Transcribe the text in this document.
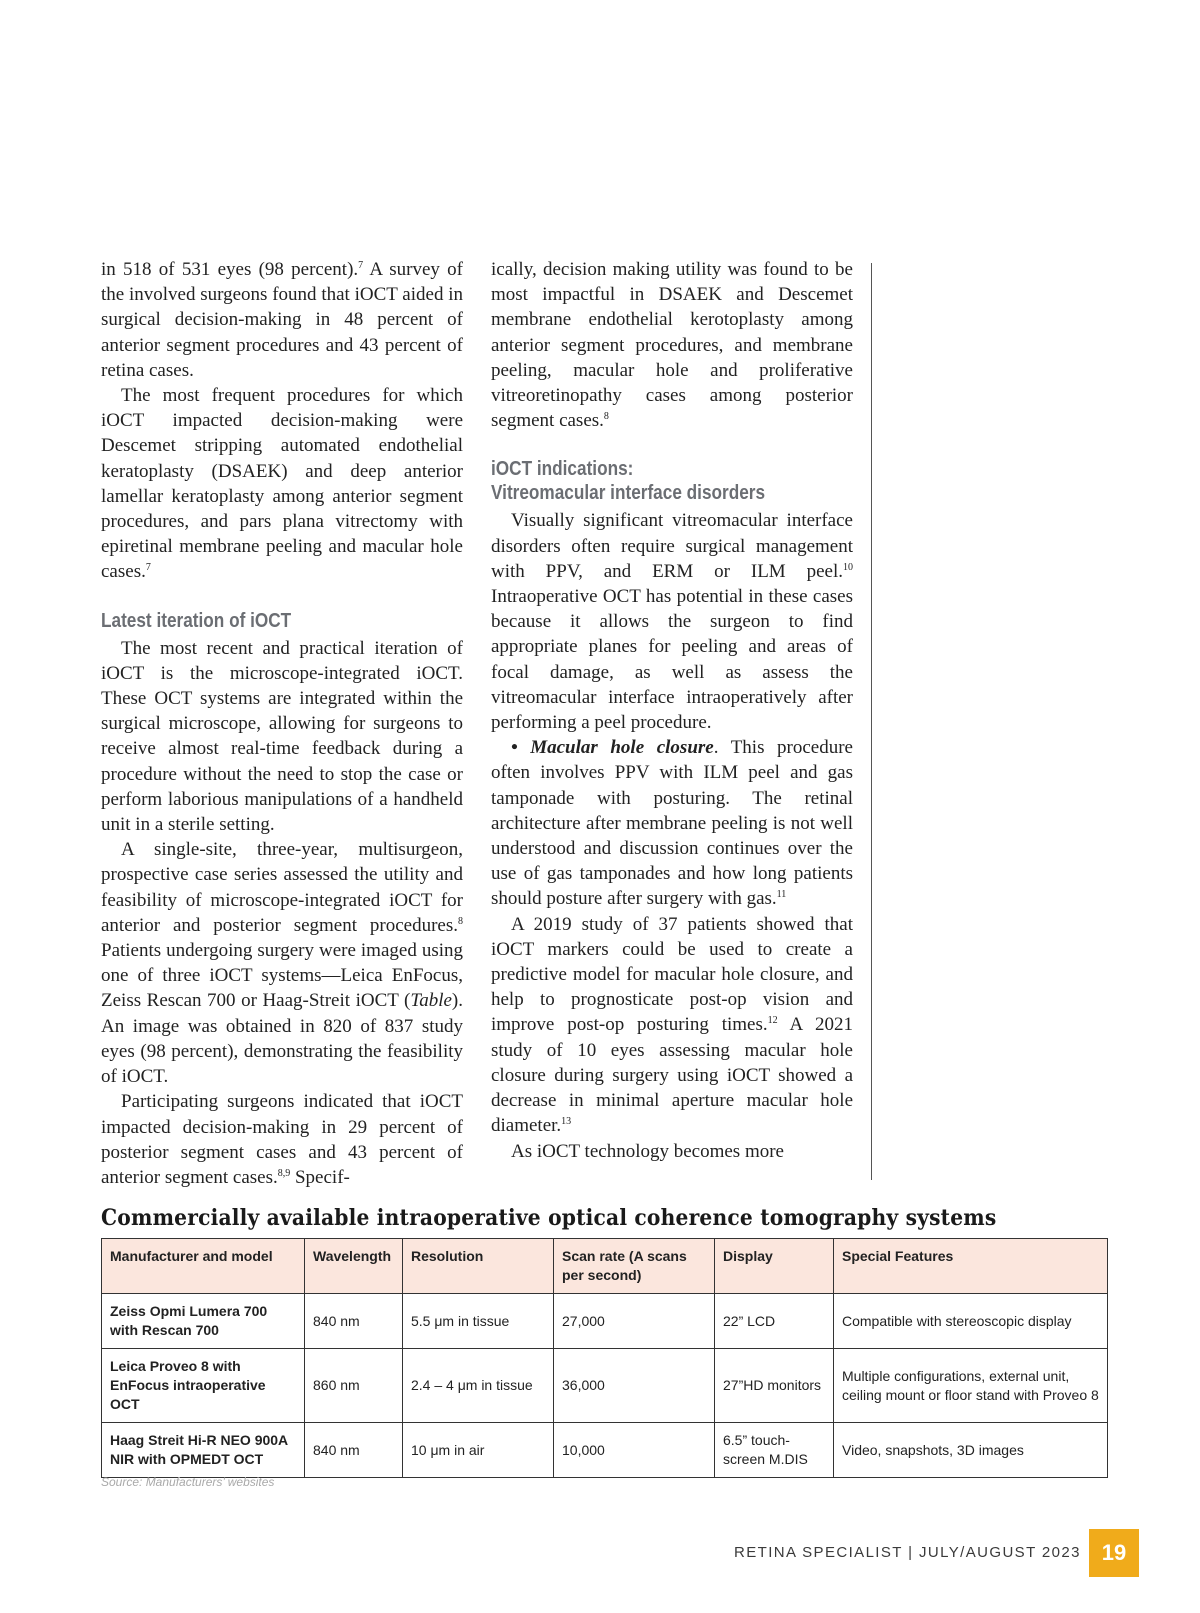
in 518 of 531 eyes (98 percent).$^7$ A survey of the involved surgeons found that iOCT aided in surgical decision-making in 48 percent of anterior segment procedures and 43 percent of retina cases.

The most frequent procedures for which iOCT impacted decision-making were Descemet stripping automated endothelial keratoplasty (DSAEK) and deep anterior lamellar keratoplasty among anterior segment procedures, and pars plana vitrectomy with epiretinal membrane peeling and macular hole cases.$^7$

Latest iteration of iOCT

The most recent and practical iteration of iOCT is the microscope-integrated iOCT. These OCT systems are integrated within the surgical microscope, allowing for surgeons to receive almost real-time feedback during a procedure without the need to stop the case or perform laborious manipulations of a handheld unit in a sterile setting.

A single-site, three-year, multisurgeon, prospective case series assessed the utility and feasibility of microscope-integrated iOCT for anterior and posterior segment procedures.$^8$ Patients undergoing surgery were imaged using one of three iOCT systems—Leica EnFocus, Zeiss Rescan 700 or Haag-Streit iOCT (Table). An image was obtained in 820 of 837 study eyes (98 percent), demonstrating the feasibility of iOCT.

Participating surgeons indicated that iOCT impacted decision-making in 29 percent of posterior segment cases and 43 percent of anterior segment cases.$^{8,9}$ Specif-

ically, decision making utility was found to be most impactful in DSAEK and Descemet membrane endothelial kerotoplasty among anterior segment procedures, and membrane peeling, macular hole and proliferative vitreoretinopathy cases among posterior segment cases.$^8$

iOCT indications:
Vitreomacular interface disorders

Visually significant vitreomacular interface disorders often require surgical management with PPV, and ERM or ILM peel.$^{10}$ Intraoperative OCT has potential in these cases because it allows the surgeon to find appropriate planes for peeling and areas of focal damage, as well as assess the vitreomacular interface intraoperatively after performing a peel procedure.

• Macular hole closure. This procedure often involves PPV with ILM peel and gas tamponade with posturing. The retinal architecture after membrane peeling is not well understood and discussion continues over the use of gas tamponades and how long patients should posture after surgery with gas.$^{11}$

A 2019 study of 37 patients showed that iOCT markers could be used to create a predictive model for macular hole closure, and help to prognosticate post-op vision and improve post-op posturing times.$^{12}$ A 2021 study of 10 eyes assessing macular hole closure during surgery using iOCT showed a decrease in minimal aperture macular hole diameter.$^{13}$

As iOCT technology becomes more

Commercially available intraoperative optical coherence tomography systems
Manufacturer and model	Wavelength	Resolution	Scan rate (A scans per second)	Display	Special Features
Zeiss Opmi Lumera 700 with Rescan 700	840 nm	5.5 μm in tissue	27,000	22” LCD	Compatible with stereoscopic display
Leica Proveo 8 with EnFocus intraoperative OCT	860 nm	2.4 – 4 μm in tissue	36,000	27”HD monitors	Multiple configurations, external unit, ceiling mount or floor stand with Proveo 8
Haag Streit Hi-R NEO 900A NIR with OPMEDT OCT	840 nm	10 μm in air	10,000	6.5” touch-screen M.DIS	Video, snapshots, 3D images
Source: Manufacturers’ websites
RETINA SPECIALIST | JULY/AUGUST 2023 19
